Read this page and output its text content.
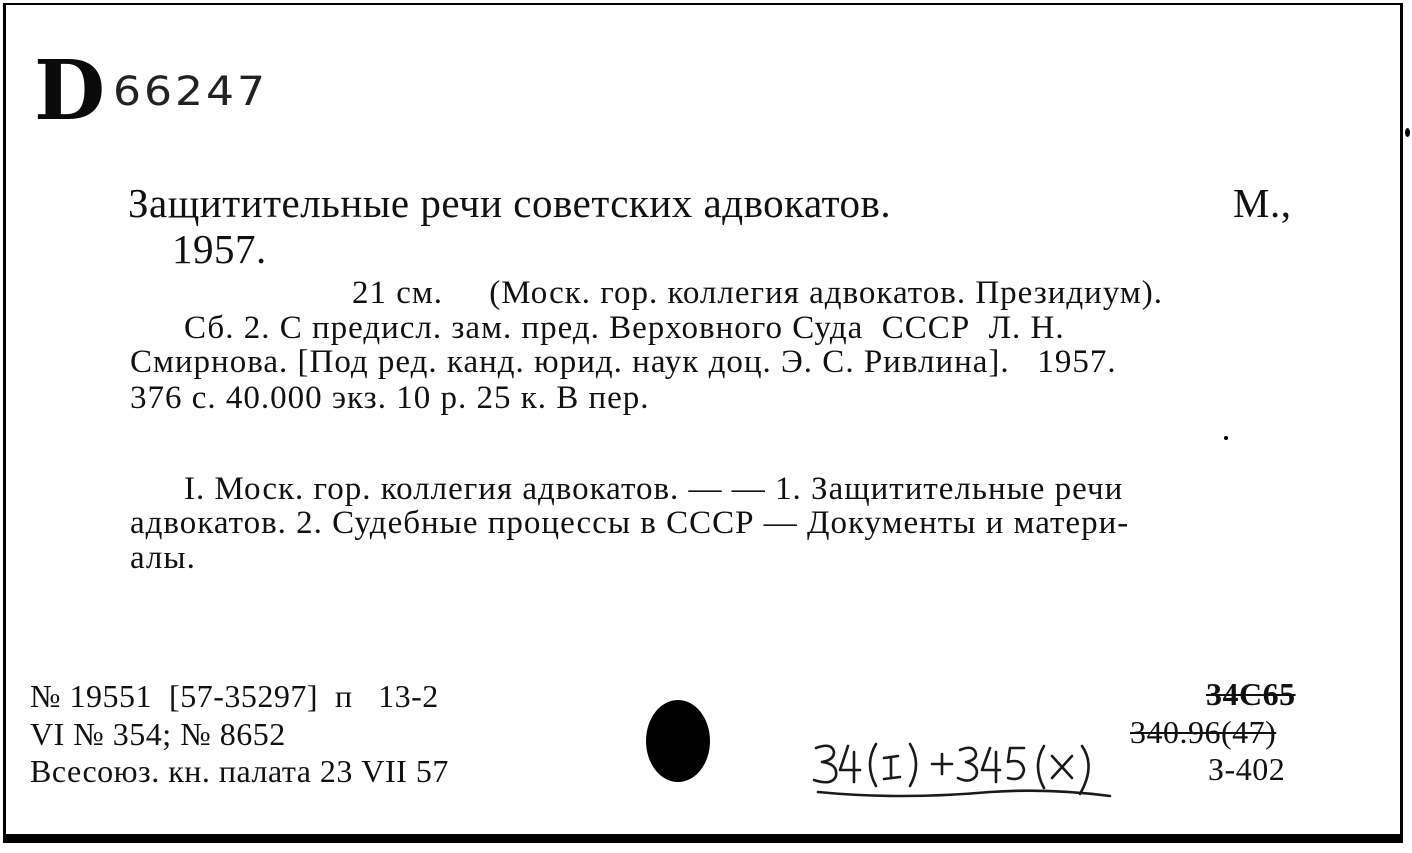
D 66247
Защитительные речи советских адвокатов.	М.,
1957.
21 см.     (Моск. гор. коллегия адвокатов. Президиум).
Сб. 2. С предисл. зам. пред. Верховного Суда  СССР  Л. Н.
Смирнова. [Под ред. канд. юрид. наук доц. Э. С. Ривлина].   1957.
376 с. 40.000 экз. 10 р. 25 к. В пер.
I. Моск. гор. коллегия адвокатов. — — 1. Защитительные речи
адвокатов. 2. Судебные процессы в СССР — Документы и матери-
алы.
№ 19551  [57-35297]  п   13-2
VI № 354; № 8652
Всесоюз. кн. палата 23 VII 57
34С65
340.96(47)
З-402
